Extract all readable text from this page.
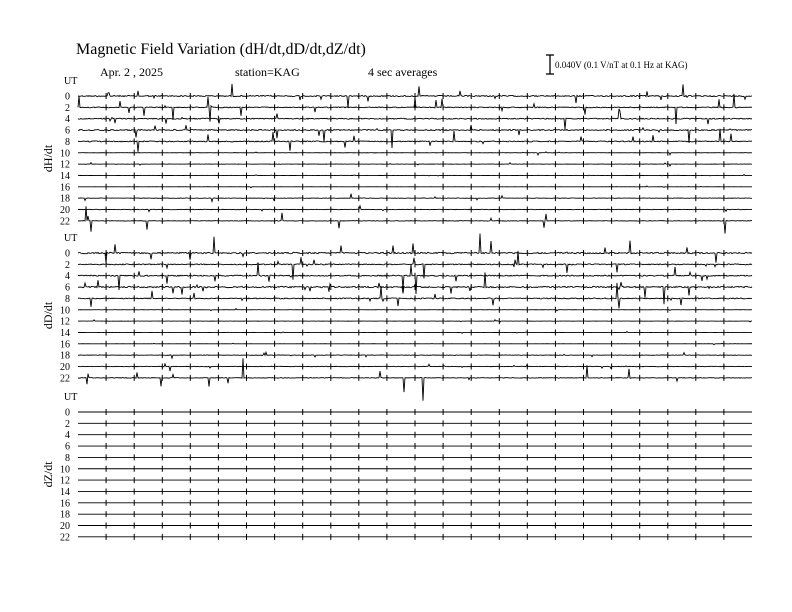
Magnetic Field Variation (dH/dt,dD/dt,dZ/dt)
Apr. 2 , 2025	station=KAG	4 sec averages	0.040V (0.1 V/nT at 0.1 Hz at KAG)
UT
dH/dt
0
2
4
6
8
10
12
14
16
18
20
22
UT
dD/dt
0
2
4
6
8
10
12
14
16
18
20
22
UT
dZ/dt
0
2
4
6
8
10
12
14
16
18
20
22
